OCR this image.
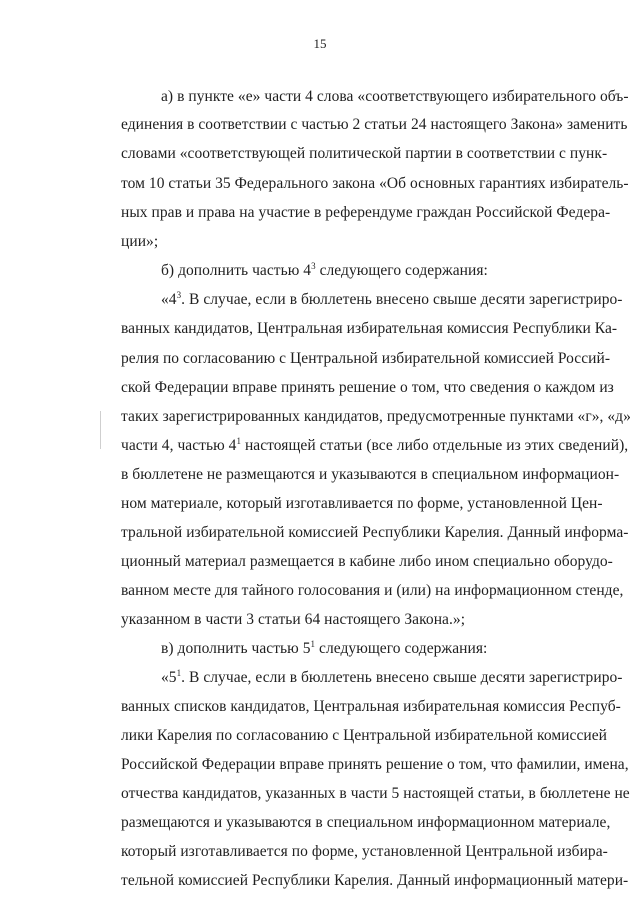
15
а) в пункте «е» части 4 слова «соответствующего избирательного объ-
единения в соответствии с частью 2 статьи 24 настоящего Закона» заменить
словами «соответствующей политической партии в соответствии с пунк-
том 10 статьи 35 Федерального закона «Об основных гарантиях избиратель-
ных прав и права на участие в референдуме граждан Российской Федера-
ции»;
б) дополнить частью $4^3$ следующего содержания:
«$4^3$. В случае, если в бюллетень внесено свыше десяти зарегистриро-
ванных кандидатов, Центральная избирательная комиссия Республики Ка-
релия по согласованию с Центральной избирательной комиссией Россий-
ской Федерации вправе принять решение о том, что сведения о каждом из
таких зарегистрированных кандидатов, предусмотренные пунктами «г», «д»
части 4, частью $4^1$ настоящей статьи (все либо отдельные из этих сведений),
в бюллетене не размещаются и указываются в специальном информацион-
ном материале, который изготавливается по форме, установленной Цен-
тральной избирательной комиссией Республики Карелия. Данный информа-
ционный материал размещается в кабине либо ином специально оборудо-
ванном месте для тайного голосования и (или) на информационном стенде,
указанном в части 3 статьи 64 настоящего Закона.»;
в) дополнить частью $5^1$ следующего содержания:
«$5^1$. В случае, если в бюллетень внесено свыше десяти зарегистриро-
ванных списков кандидатов, Центральная избирательная комиссия Респуб-
лики Карелия по согласованию с Центральной избирательной комиссией
Российской Федерации вправе принять решение о том, что фамилии, имена,
отчества кандидатов, указанных в части 5 настоящей статьи, в бюллетене не
размещаются и указываются в специальном информационном материале,
который изготавливается по форме, установленной Центральной избира-
тельной комиссией Республики Карелия. Данный информационный матери-
